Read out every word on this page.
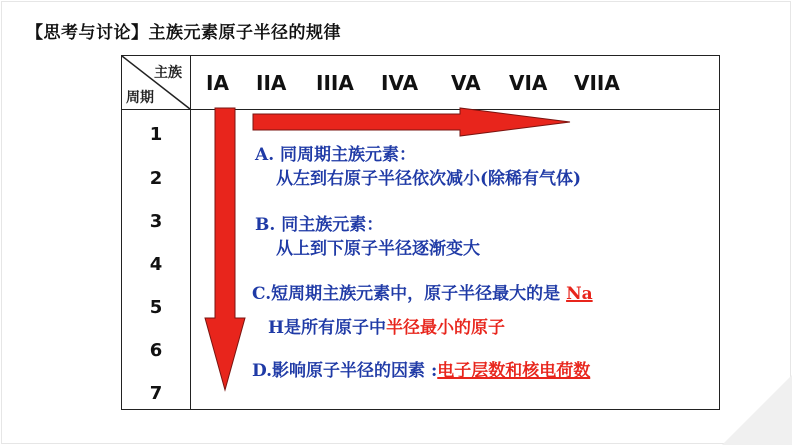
【思考与讨论】主族元素原子半径的规律
主族
周期
IA IIA IIIA IVA VA VIA VIIA
1
2
3
4
5
6
7
A. 同周期主族元素：
从左到右原子半径依次减小(除稀有气体)
B. 同主族元素：
从上到下原子半径逐渐变大
C.短周期主族元素中，原子半径最大的是 Na
H是所有原子中半径最小的原子
D.影响原子半径的因素 :电子层数和核电荷数
